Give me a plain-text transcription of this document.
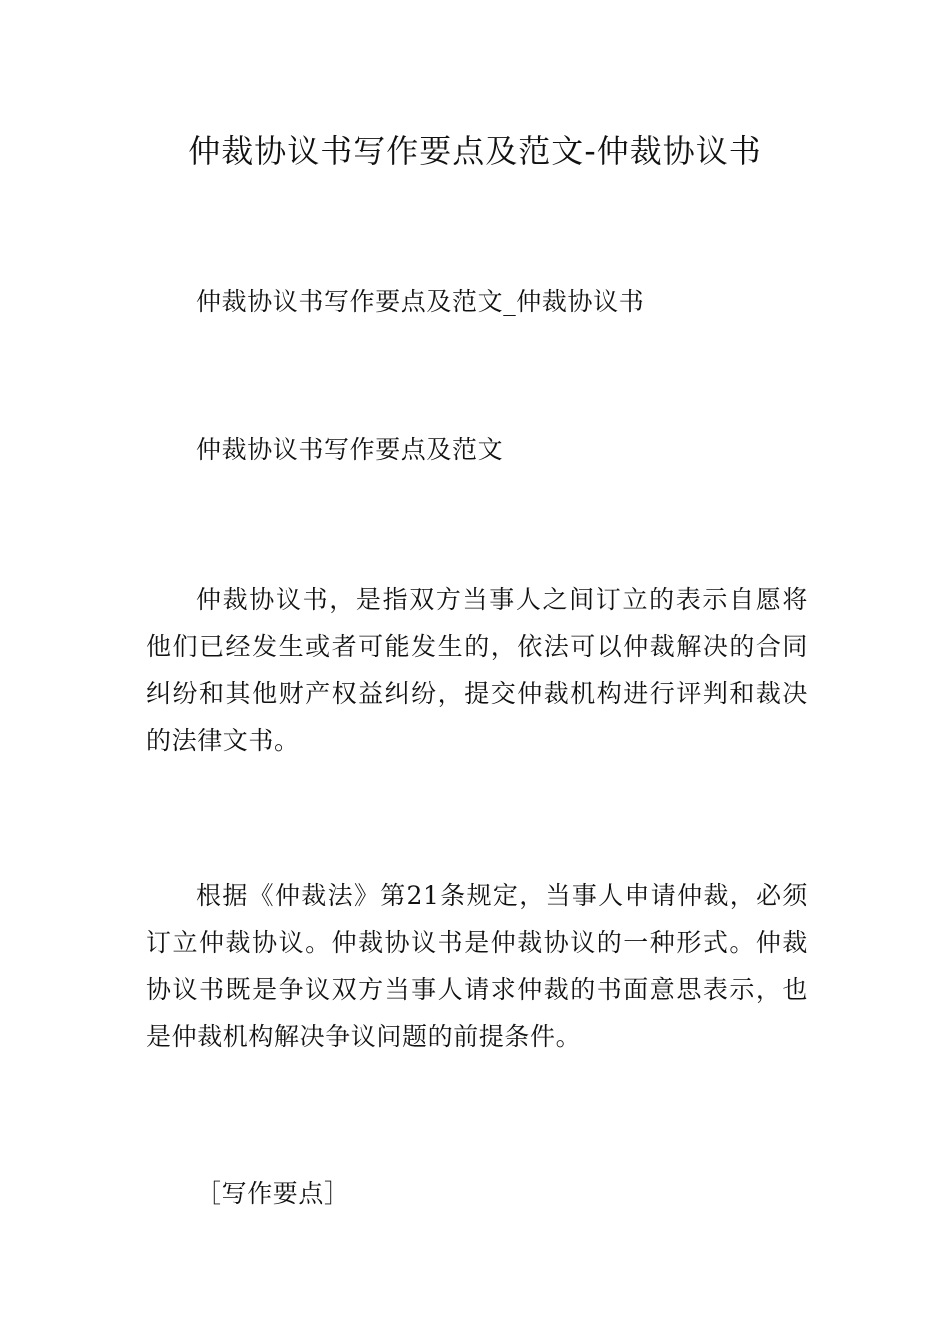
仲裁协议书写作要点及范文-仲裁协议书

仲裁协议书写作要点及范文_仲裁协议书

仲裁协议书写作要点及范文

仲裁协议书，是指双方当事人之间订立的表示自愿将他们已经发生或者可能发生的，依法可以仲裁解决的合同纠纷和其他财产权益纠纷，提交仲裁机构进行评判和裁决的法律文书。

根据《仲裁法》第21条规定，当事人申请仲裁，必须订立仲裁协议。仲裁协议书是仲裁协议的一种形式。仲裁协议书既是争议双方当事人请求仲裁的书面意思表示，也是仲裁机构解决争议问题的前提条件。

［写作要点］
